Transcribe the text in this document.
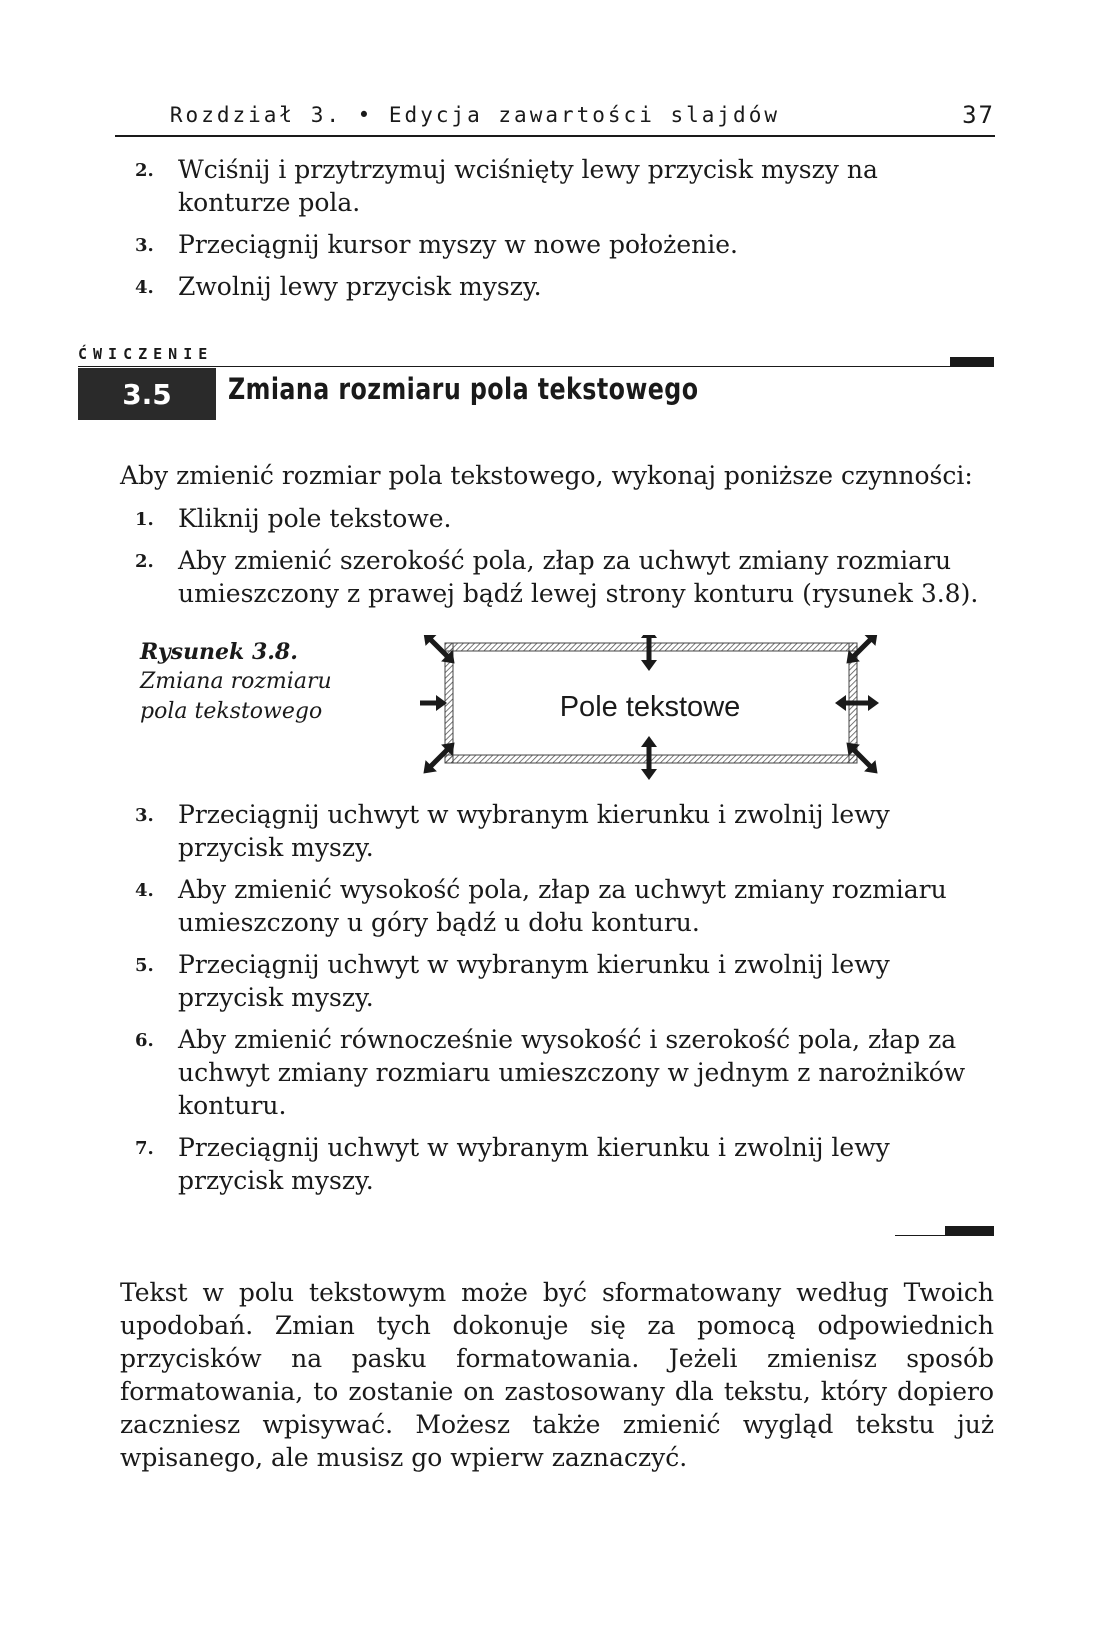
Rozdział 3. • Edycja zawartości slajdów	37
2. Wciśnij i przytrzymuj wciśnięty lewy przycisk myszy na konturze pola.
3. Przeciągnij kursor myszy w nowe położenie.
4. Zwolnij lewy przycisk myszy.
ĆWICZENIE
3.5	Zmiana rozmiaru pola tekstowego

Aby zmienić rozmiar pola tekstowego, wykonaj poniższe czynności:

1. Kliknij pole tekstowe.
2. Aby zmienić szerokość pola, złap za uchwyt zmiany rozmiaru umieszczony z prawej bądź lewej strony konturu (rysunek 3.8).
Rysunek 3.8.
Zmiana rozmiaru pola tekstowego	Pole tekstowe
3. Przeciągnij uchwyt w wybranym kierunku i zwolnij lewy przycisk myszy.
4. Aby zmienić wysokość pola, złap za uchwyt zmiany rozmiaru umieszczony u góry bądź u dołu konturu.
5. Przeciągnij uchwyt w wybranym kierunku i zwolnij lewy przycisk myszy.
6. Aby zmienić równocześnie wysokość i szerokość pola, złap za uchwyt zmiany rozmiaru umieszczony w jednym z narożników konturu.
7. Przeciągnij uchwyt w wybranym kierunku i zwolnij lewy przycisk myszy.

Tekst w polu tekstowym może być sformatowany według Twoich upodobań. Zmian tych dokonuje się za pomocą odpowiednich przycisków na pasku formatowania. Jeżeli zmienisz sposób formatowania, to zostanie on zastosowany dla tekstu, który dopiero zaczniesz wpisywać. Możesz także zmienić wygląd tekstu już wpisanego, ale musisz go wpierw zaznaczyć.
